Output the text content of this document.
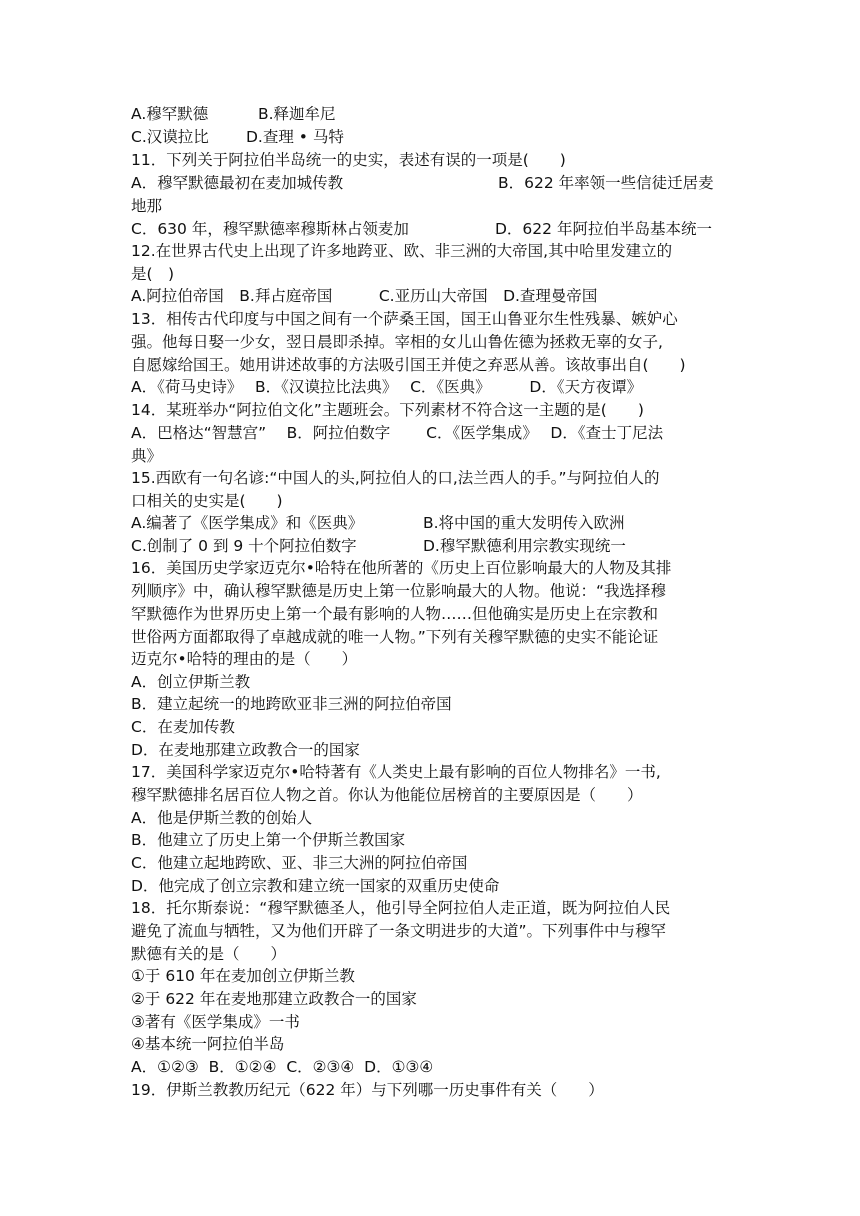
A.穆罕默德	B.释迦牟尼
C.汉谟拉比 D.查理 • 马特

11．下列关于阿拉伯半岛统一的史实，表述有误的一项是(　　)

A．穆罕默德最初在麦加城传教	B．622 年率领一些信徒迁居麦

地那

C．630 年，穆罕默德率穆斯林占领麦加	D．622 年阿拉伯半岛基本统一

12.在世界古代史上出现了许多地跨亚、欧、非三洲的大帝国,其中哈里发建立的

是(　)

A.阿拉伯帝国　B.拜占庭帝国　　　C.亚历山大帝国　D.查理曼帝国

13．相传古代印度与中国之间有一个萨桑王国，国王山鲁亚尔生性残暴、嫉妒心

强。他每日娶一少女，翌日晨即杀掉。宰相的女儿山鲁佐德为拯救无辜的女子,

自愿嫁给国王。她用讲述故事的方法吸引国王并使之弃恶从善。该故事出自(　　)

A．《荷马史诗》　 B．《汉谟拉比法典》　 C．《医典》　　　D．《天方夜谭》

14．某班举办“阿拉伯文化”主题班会。下列素材不符合这一主题的是(　　)

A．巴格达“智慧宫”　 B．阿拉伯数字　　 C．《医学集成》　 D．《查士丁尼法

典》

15.西欧有一句名谚:“中国人的头,阿拉伯人的口,法兰西人的手。”与阿拉伯人的

口相关的史实是(　　)

A.编著了《医学集成》和《医典》	B.将中国的重大发明传入欧洲
C.创制了 0 到 9 十个阿拉伯数字	D.穆罕默德利用宗教实现统一

16．美国历史学家迈克尔•哈特在他所著的《历史上百位影响最大的人物及其排

列顺序》中，确认穆罕默德是历史上第一位影响最大的人物。他说：“我选择穆

罕默德作为世界历史上第一个最有影响的人物……但他确实是历史上在宗教和

世俗两方面都取得了卓越成就的唯一人物。”下列有关穆罕默德的史实不能论证

迈克尔•哈特的理由的是（　　）

A．创立伊斯兰教

B．建立起统一的地跨欧亚非三洲的阿拉伯帝国

C．在麦加传教

D．在麦地那建立政教合一的国家

17．美国科学家迈克尔•哈特著有《人类史上最有影响的百位人物排名》一书,

穆罕默德排名居百位人物之首。你认为他能位居榜首的主要原因是（　　）

A．他是伊斯兰教的创始人

B．他建立了历史上第一个伊斯兰教国家

C．他建立起地跨欧、亚、非三大洲的阿拉伯帝国

D．他完成了创立宗教和建立统一国家的双重历史使命

18．托尔斯泰说：“穆罕默德圣人，他引导全阿拉伯人走正道，既为阿拉伯人民

避免了流血与牺牲，又为他们开辟了一条文明进步的大道”。下列事件中与穆罕

默德有关的是（　　）

①于 610 年在麦加创立伊斯兰教

②于 622 年在麦地那建立政教合一的国家

③著有《医学集成》一书

④基本统一阿拉伯半岛

A．①②③  B．①②④  C．②③④  D．①③④

19．伊斯兰教教历纪元（622 年）与下列哪一历史事件有关（　　）
